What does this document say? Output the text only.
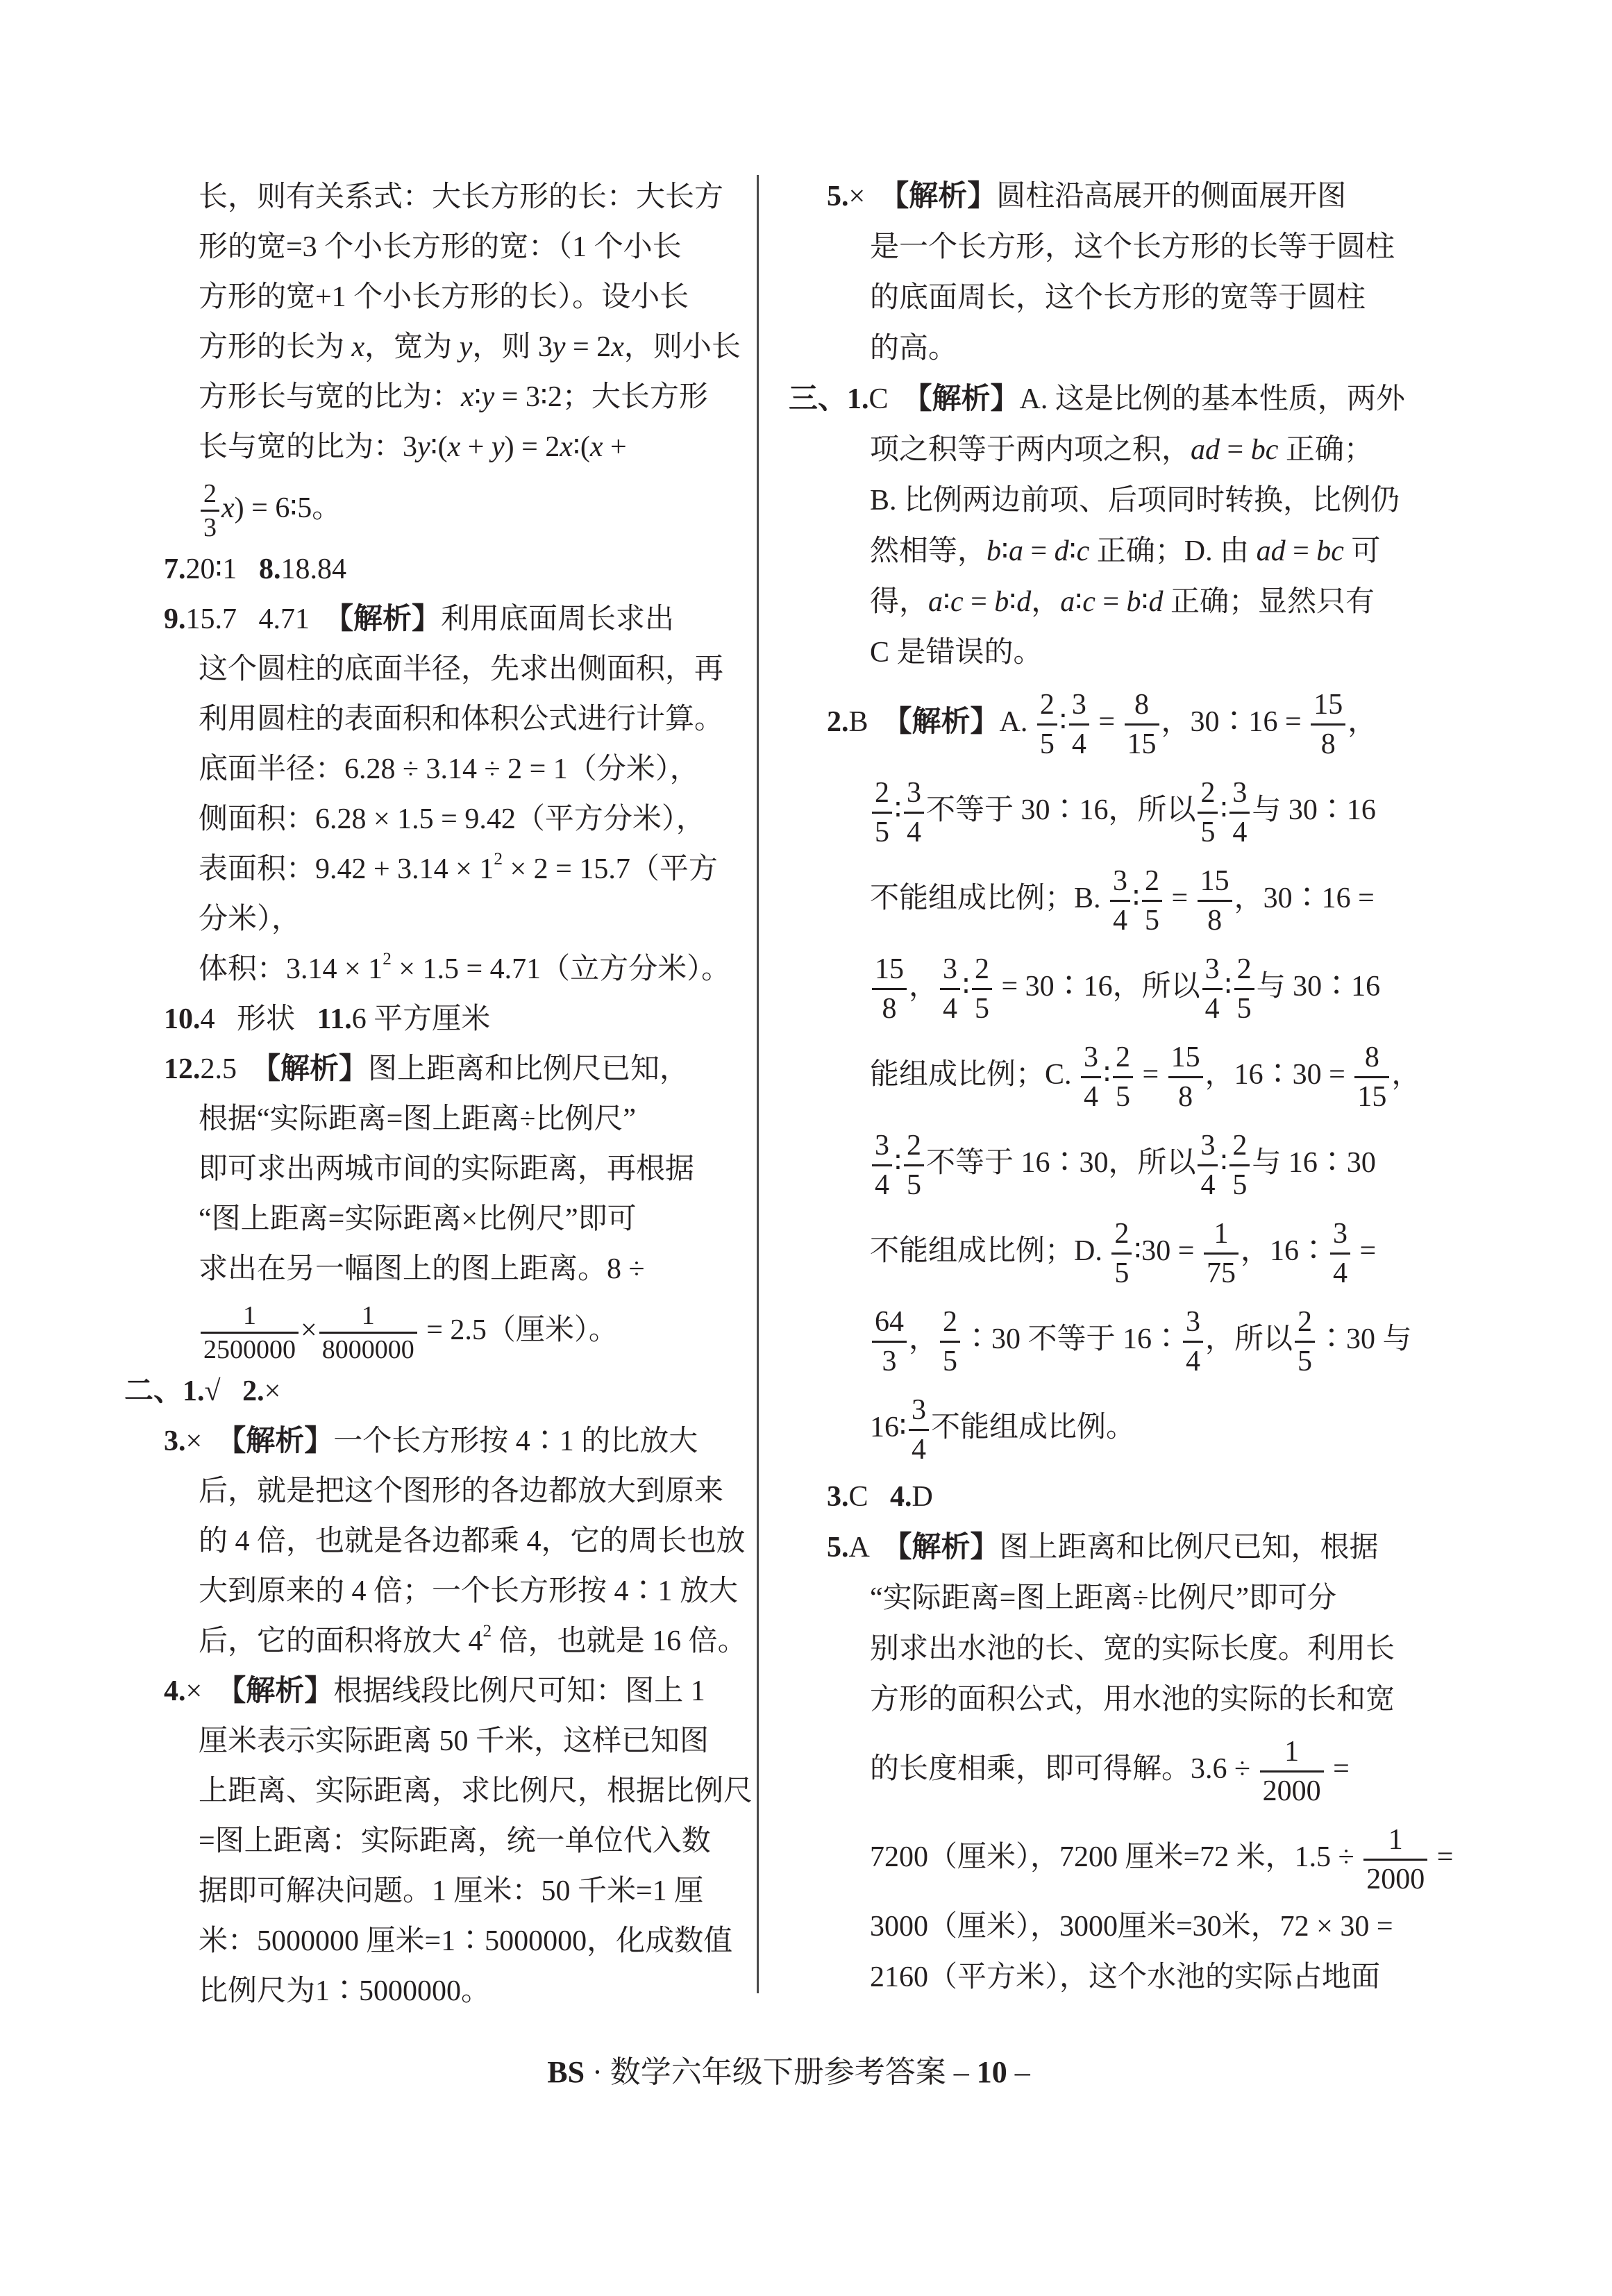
长，则有关系式：大长方形的长：大长方
形的宽=3 个小长方形的宽：（1 个小长
方形的宽+1 个小长方形的长）。设小长
方形的长为 x，宽为 y，则 3y = 2x，则小长
方形长与宽的比为：x∶y = 3∶2；大长方形
长与宽的比为：3y∶(x + y) = 2x∶(x +
$\frac{2}{3} x$) = 6∶5。
7.20∶1   8.18.84
9.15.7   4.71  【解析】利用底面周长求出
这个圆柱的底面半径，先求出侧面积，再
利用圆柱的表面积和体积公式进行计算。
底面半径：6.28 ÷ 3.14 ÷ 2 = 1（分米），
侧面积：6.28 × 1.5 = 9.42（平方分米），
表面积：$9.42 + 3.14 \times 1^2 \times 2 = 15.7$（平方
分米），
体积：$3.14 \times 1^2 \times 1.5 = 4.71$（立方分米）。
10.4   形状   11.6 平方厘米
12.2.5  【解析】图上距离和比例尺已知，
根据“实际距离=图上距离÷比例尺”
即可求出两城市间的实际距离，再根据
“图上距离=实际距离×比例尺”即可
求出在另一幅图上的图上距离。8 ÷
$\frac{1}{2500000} \times \frac{1}{8000000} = 2.5$（厘米）。
二、1.√   2.×
3.×  【解析】一个长方形按 4∶1 的比放大
后，就是把这个图形的各边都放大到原来
的 4 倍，也就是各边都乘 4，它的周长也放
大到原来的 4 倍；一个长方形按 4∶1 放大
后，它的面积将放大 $4^2$ 倍，也就是 16 倍。
4.×  【解析】根据线段比例尺可知：图上 1
厘米表示实际距离 50 千米，这样已知图
上距离、实际距离，求比例尺，根据比例尺
=图上距离：实际距离，统一单位代入数
据即可解决问题。1 厘米：50 千米=1 厘
米：5000000 厘米=1∶5000000，化成数值
比例尺为1∶5000000。
5.×  【解析】圆柱沿高展开的侧面展开图
是一个长方形，这个长方形的长等于圆柱
的底面周长，这个长方形的宽等于圆柱
的高。
三、1.C  【解析】A. 这是比例的基本性质，两外
项之积等于两内项之积，ad = bc 正确；
B. 比例两边前项、后项同时转换，比例仍
然相等，b∶a = d∶c 正确；D. 由 ad = bc 可
得，a∶c = b∶d，a∶c = b∶d 正确；显然只有
C 是错误的。
2.B  【解析】A. $\frac{2}{5}$ ∶ $\frac{3}{4} = \frac{8}{15}$ ，30∶16 = $\frac{15}{8}$ ，
$\frac{2}{5}$ ∶ $\frac{3}{4}$ 不等于 30∶16，所以 $\frac{2}{5}$ ∶ $\frac{3}{4}$ 与 30∶16
不能组成比例；B. $\frac{3}{4}$ ∶ $\frac{2}{5} = \frac{15}{8}$ ，30∶16 =
$\frac{15}{8}$ ， $\frac{3}{4}$ ∶ $\frac{2}{5}$ = 30∶16，所以 $\frac{3}{4}$ ∶ $\frac{2}{5}$ 与 30∶16
能组成比例；C. $\frac{3}{4}$ ∶ $\frac{2}{5} = \frac{15}{8}$ ，16∶30 = $\frac{8}{15}$ ，
$\frac{3}{4}$ ∶ $\frac{2}{5}$ 不等于 16∶30，所以 $\frac{3}{4}$ ∶ $\frac{2}{5}$ 与 16∶30
不能组成比例；D. $\frac{2}{5}$ ∶30 = $\frac{1}{75}$ ，16∶ $\frac{3}{4}$ =
$\frac{64}{3}$ ， $\frac{2}{5}$ ∶30 不等于 16∶ $\frac{3}{4}$ ，所以 $\frac{2}{5}$ ∶30 与
16∶ $\frac{3}{4}$ 不能组成比例。
3.C   4.D
5.A  【解析】图上距离和比例尺已知，根据
“实际距离=图上距离÷比例尺”即可分
别求出水池的长、宽的实际长度。利用长
方形的面积公式，用水池的实际的长和宽
的长度相乘，即可得解。$3.6 \div \frac{1}{2000}$ =
7200（厘米），7200 厘米=72 米，$1.5 \div \frac{1}{2000}$ =
3000（厘米），3000厘米=30米，72 × 30 =
2160（平方米），这个水池的实际占地面
BS · 数学六年级下册参考答案 – 10 –
